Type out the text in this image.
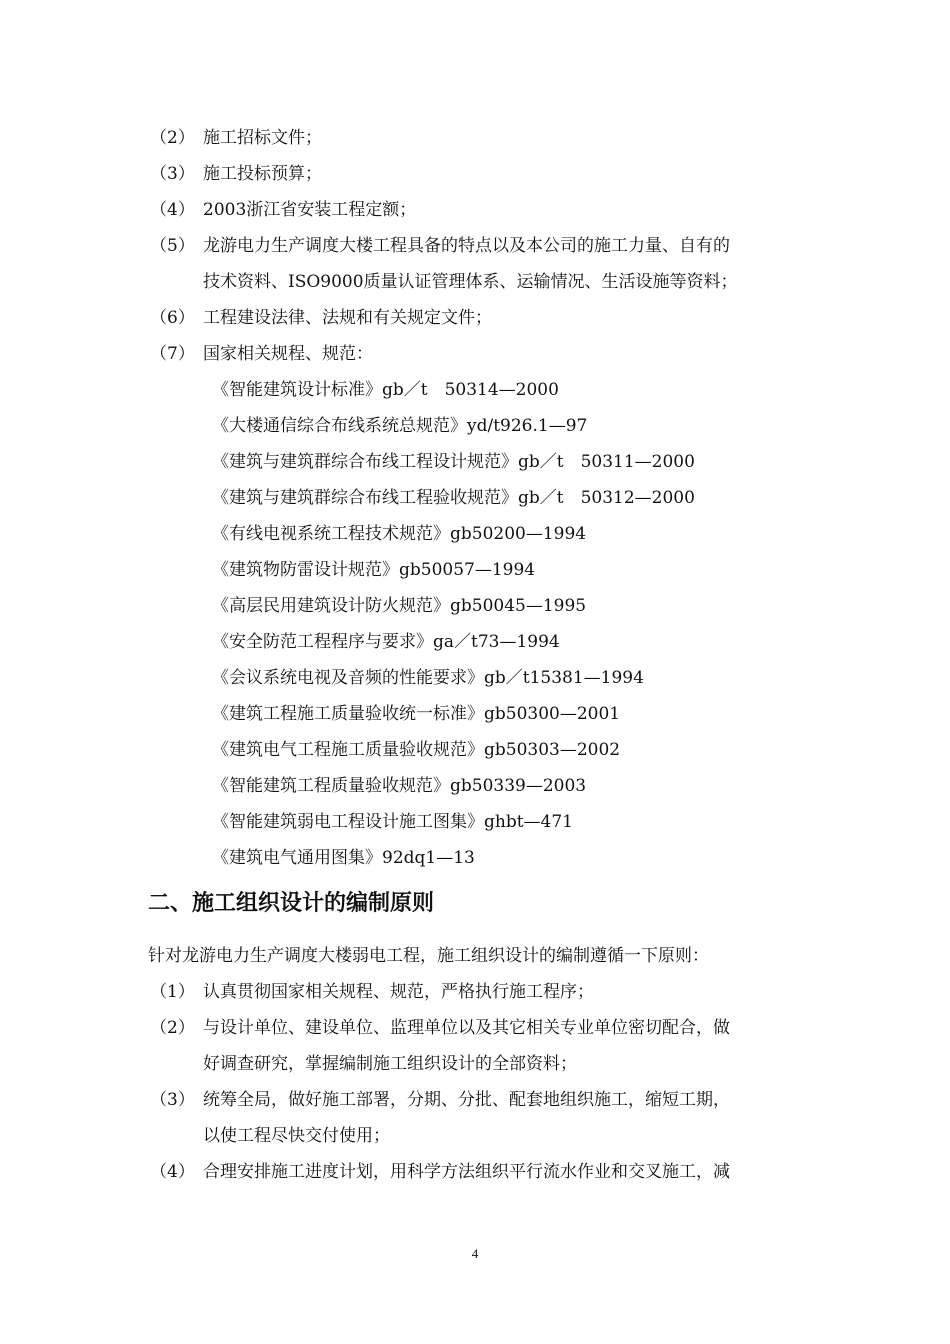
（2） 施工招标文件；
（3） 施工投标预算；
（4） 2003浙江省安装工程定额；
（5） 龙游电力生产调度大楼工程具备的特点以及本公司的施工力量、自有的
技术资料、ISO9000质量认证管理体系、运输情况、生活设施等资料；
（6） 工程建设法律、法规和有关规定文件；
（7） 国家相关规程、规范：
《智能建筑设计标准》gb／t　50314—2000
《大楼通信综合布线系统总规范》yd/t926.1—97
《建筑与建筑群综合布线工程设计规范》gb／t　50311—2000
《建筑与建筑群综合布线工程验收规范》gb／t　50312—2000
《有线电视系统工程技术规范》gb50200—1994
《建筑物防雷设计规范》gb50057—1994
《高层民用建筑设计防火规范》gb50045—1995
《安全防范工程程序与要求》ga／t73—1994
《会议系统电视及音频的性能要求》gb／t15381—1994
《建筑工程施工质量验收统一标准》gb50300—2001
《建筑电气工程施工质量验收规范》gb50303—2002
《智能建筑工程质量验收规范》gb50339—2003
《智能建筑弱电工程设计施工图集》ghbt—471
《建筑电气通用图集》92dq1—13
二、施工组织设计的编制原则
针对龙游电力生产调度大楼弱电工程，施工组织设计的编制遵循一下原则：
（1） 认真贯彻国家相关规程、规范，严格执行施工程序；
（2） 与设计单位、建设单位、监理单位以及其它相关专业单位密切配合，做
好调查研究，掌握编制施工组织设计的全部资料；
（3） 统筹全局，做好施工部署，分期、分批、配套地组织施工，缩短工期，
以使工程尽快交付使用；
（4） 合理安排施工进度计划，用科学方法组织平行流水作业和交叉施工，减
4
